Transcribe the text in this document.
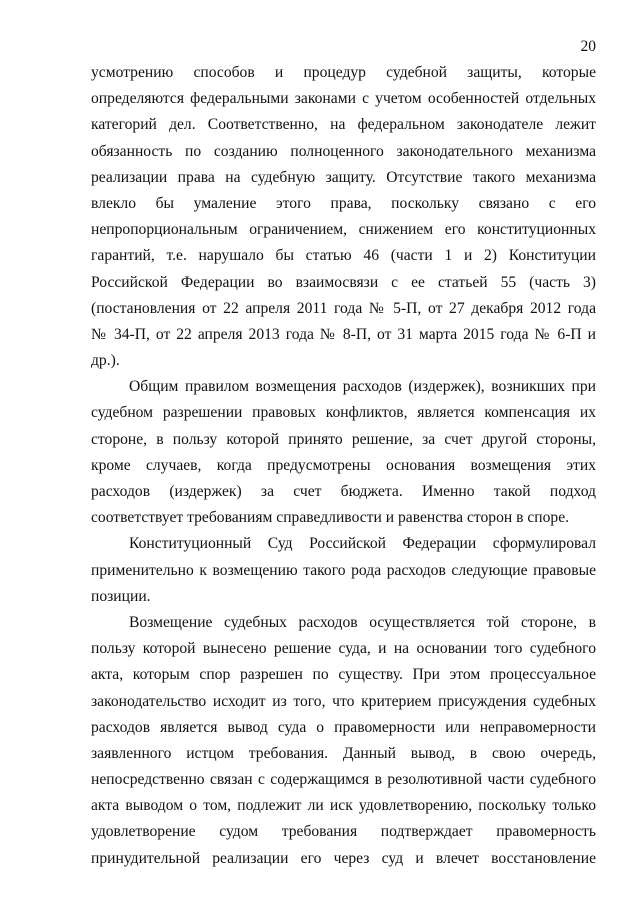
20
усмотрению способов и процедур судебной защиты, которые
определяются федеральными законами с учетом особенностей отдельных
категорий дел. Соответственно, на федеральном законодателе лежит
обязанность по созданию полноценного законодательного механизма
реализации права на судебную защиту. Отсутствие такого механизма
влекло бы умаление этого права, поскольку связано с его
непропорциональным ограничением, снижением его конституционных
гарантий, т.е. нарушало бы статью 46 (части 1 и 2) Конституции
Российской Федерации во взаимосвязи с ее статьей 55 (часть 3)
(постановления от 22 апреля 2011 года № 5-П, от 27 декабря 2012 года
№ 34-П, от 22 апреля 2013 года № 8-П, от 31 марта 2015 года № 6-П и
др.).
Общим правилом возмещения расходов (издержек), возникших при
судебном разрешении правовых конфликтов, является компенсация их
стороне, в пользу которой принято решение, за счет другой стороны,
кроме случаев, когда предусмотрены основания возмещения этих
расходов (издержек) за счет бюджета. Именно такой подход
соответствует требованиям справедливости и равенства сторон в споре.
Конституционный Суд Российской Федерации сформулировал
применительно к возмещению такого рода расходов следующие правовые
позиции.
Возмещение судебных расходов осуществляется той стороне, в
пользу которой вынесено решение суда, и на основании того судебного
акта, которым спор разрешен по существу. При этом процессуальное
законодательство исходит из того, что критерием присуждения судебных
расходов является вывод суда о правомерности или неправомерности
заявленного истцом требования. Данный вывод, в свою очередь,
непосредственно связан с содержащимся в резолютивной части судебного
акта выводом о том, подлежит ли иск удовлетворению, поскольку только
удовлетворение судом требования подтверждает правомерность
принудительной реализации его через суд и влечет восстановление
